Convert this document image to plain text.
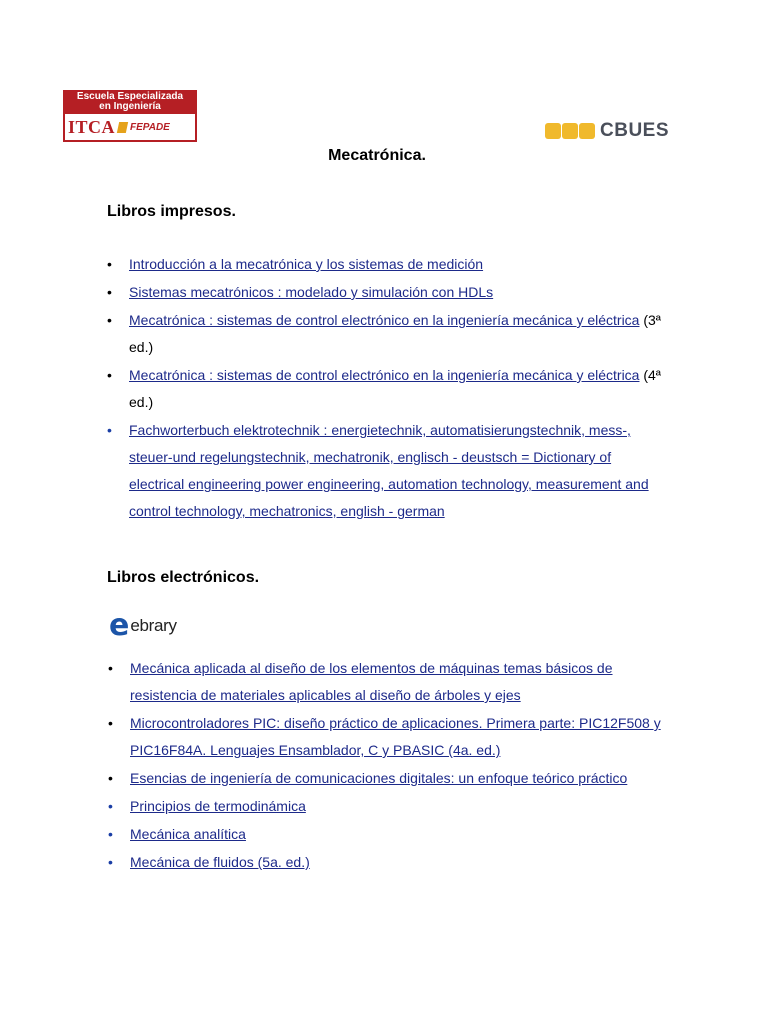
Escuela Especializada
en Ingeniería
ITCA FEPADE	CBUES
Mecatrónica.
Libros impresos.
• Introducción a la mecatrónica y los sistemas de medición
• Sistemas mecatrónicos : modelado y simulación con HDLs
• Mecatrónica : sistemas de control electrónico en la ingeniería mecánica y eléctrica (3ª ed.)
• Mecatrónica : sistemas de control electrónico en la ingeniería mecánica y eléctrica (4ª ed.)
• Fachworterbuch elektrotechnik : energietechnik, automatisierungstechnik, mess-, steuer-und regelungstechnik, mechatronik, englisch - deustsch = Dictionary of electrical engineering power engineering, automation technology, measurement and control technology, mechatronics, english - german
Libros electrónicos.
e ebrary
• Mecánica aplicada al diseño de los elementos de máquinas temas básicos de resistencia de materiales aplicables al diseño de árboles y ejes
• Microcontroladores PIC: diseño práctico de aplicaciones. Primera parte: PIC12F508 y PIC16F84A. Lenguajes Ensamblador, C y PBASIC (4a. ed.)
• Esencias de ingeniería de comunicaciones digitales: un enfoque teórico práctico
• Principios de termodinámica
• Mecánica analítica
• Mecánica de fluidos (5a. ed.)
